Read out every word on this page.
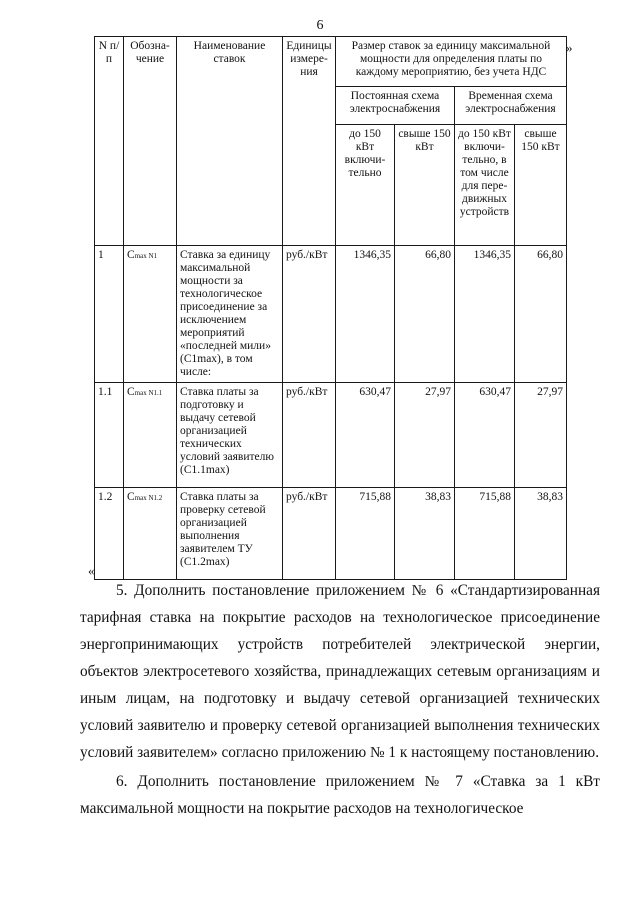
6
»
N п/п	Обозна-чение	Наименование ставок	Единицы измере-ния	Размер ставок за единицу максимальной мощности для определения платы по каждому мероприятию, без учета НДС			
				Постоянная схема электроснабжения		Временная схема электроснабжения	
				до 150 кВт включи-тельно	свыше 150 кВт	до 150 кВт включи-тельно, в том числе для пере-движных устройств	свыше 150 кВт
1	Cmax N1	Ставка за единицу максимальной мощности за технологическое присоединение за исключением мероприятий «последней мили» (C1max), в том числе:	руб./кВт	1346,35	66,80	1346,35	66,80
1.1	Cmax N1.1	Ставка платы за подготовку и выдачу сетевой организацией технических условий заявителю (C1.1max)	руб./кВт	630,47	27,97	630,47	27,97
1.2	Cmax N1.2	Ставка платы за проверку сетевой организацией выполнения заявителем ТУ (C1.2max)	руб./кВт	715,88	38,83	715,88	38,83
«

5. Дополнить постановление приложением № 6 «Стандартизированная тарифная ставка на покрытие расходов на технологическое присоединение энергопринимающих устройств потребителей электрической энергии, объектов электросетевого хозяйства, принадлежащих сетевым организациям и иным лицам, на подготовку и выдачу сетевой организацией технических условий заявителю и проверку сетевой организацией выполнения технических условий заявителем» согласно приложению № 1 к настоящему постановлению.

6. Дополнить постановление приложением № 7 «Ставка за 1 кВт максимальной мощности на покрытие расходов на технологическое
